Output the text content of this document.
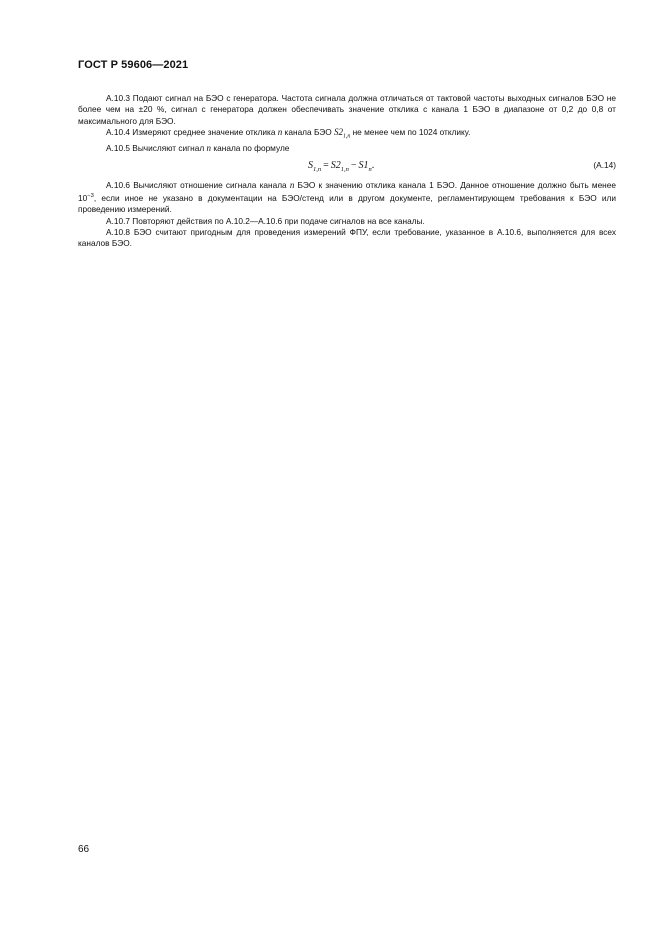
ГОСТ Р 59606—2021

А.10.3 Подают сигнал на БЭО с генератора. Частота сигнала должна отличаться от тактовой частоты выходных сигналов БЭО не более чем на ±20 %, сигнал с генератора должен обеспечивать значение отклика с канала 1 БЭО в диапазоне от 0,2 до 0,8 от максимального для БЭО.

А.10.4 Измеряют среднее значение отклика n канала БЭО $S2_{1,n}$ не менее чем по 1024 отклику.

А.10.5 Вычисляют сигнал n канала по формуле

$S_{1,n} = S2_{1,n} - S1_n$.	(А.14)

А.10.6 Вычисляют отношение сигнала канала n БЭО к значению отклика канала 1 БЭО. Данное отношение должно быть менее $10^{-3}$, если иное не указано в документации на БЭО/стенд или в другом документе, регламентирующем требования к БЭО или проведению измерений.

А.10.7 Повторяют действия по А.10.2—А.10.6 при подаче сигналов на все каналы.

А.10.8 БЭО считают пригодным для проведения измерений ФПУ, если требование, указанное в А.10.6, выполняется для всех каналов БЭО.

66
